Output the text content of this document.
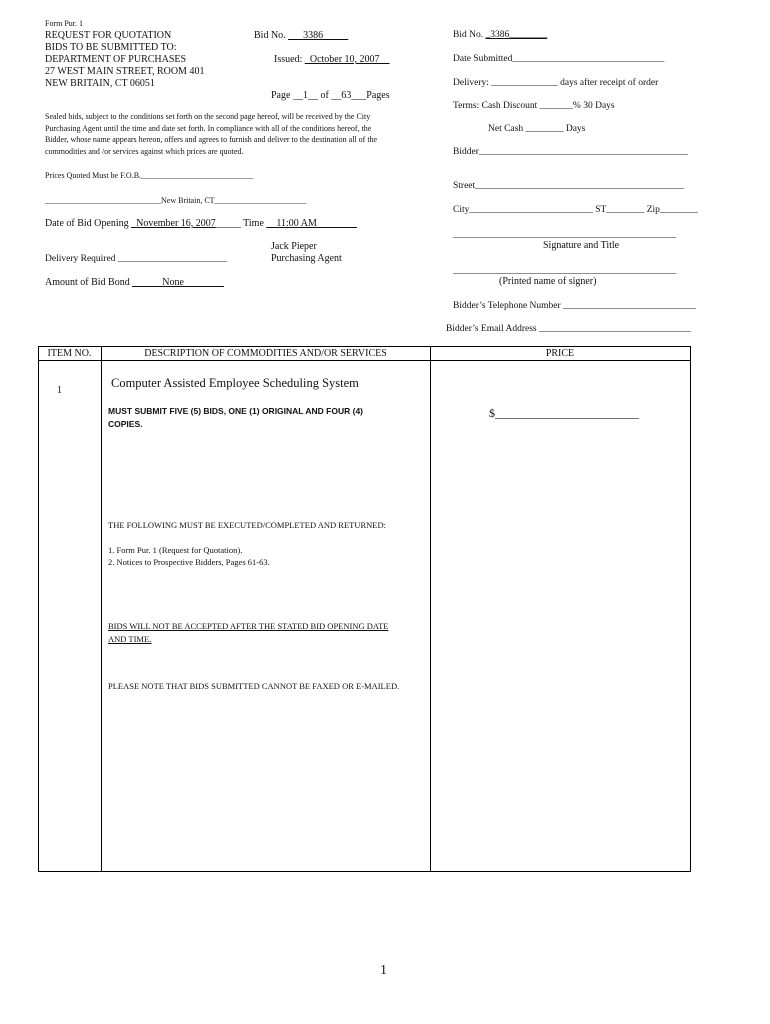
Form Pur. 1
REQUEST FOR QUOTATION
BIDS TO BE SUBMITTED TO:
DEPARTMENT OF PURCHASES
27 WEST MAIN STREET, ROOM 401
NEW BRITAIN, CT 06051
Bid No. ___3386_____
Issued: _October 10, 2007__
Page __1__ of __63___Pages
Sealed bids, subject to the conditions set forth on the second page hereof, will be received by the City Purchasing Agent until the time and date set forth. In compliance with all of the conditions hereof, the Bidder, whose name appears hereon, offers and agrees to furnish and deliver to the destination all of the commodities and /or services against which prices are quoted.
Prices Quoted Must be F.O.B.____________________________
_____________________________New Britain, CT_______________________
Date of Bid Opening _November 16, 2007_____ Time __11:00 AM________
Jack Pieper
Purchasing Agent
Delivery Required _______________________
Amount of Bid Bond ______None________
Bid No. _3386________
Date Submitted________________________________
Delivery: ______________ days after receipt of order
Terms: Cash Discount _______% 30 Days
Net Cash ________ Days
Bidder____________________________________________
Street____________________________________________
City__________________________ ST________ Zip________
_______________________________________________
Signature and Title
_______________________________________________
(Printed name of signer)
Bidder’s Telephone Number ____________________________
Bidder’s Email Address ________________________________
ITEM NO.	DESCRIPTION OF COMMODITIES AND/OR SERVICES	PRICE
1
Computer Assisted Employee Scheduling System
MUST SUBMIT FIVE (5) BIDS, ONE (1) ORIGINAL AND FOUR (4) COPIES.
$________________________
THE FOLLOWING MUST BE EXECUTED/COMPLETED AND RETURNED:
1. Form Pur. 1 (Request for Quotation).
2. Notices to Prospective Bidders, Pages 61-63.
BIDS WILL NOT BE ACCEPTED AFTER THE STATED BID OPENING DATE AND TIME.
PLEASE NOTE THAT BIDS SUBMITTED CANNOT BE FAXED OR E-MAILED.
1
